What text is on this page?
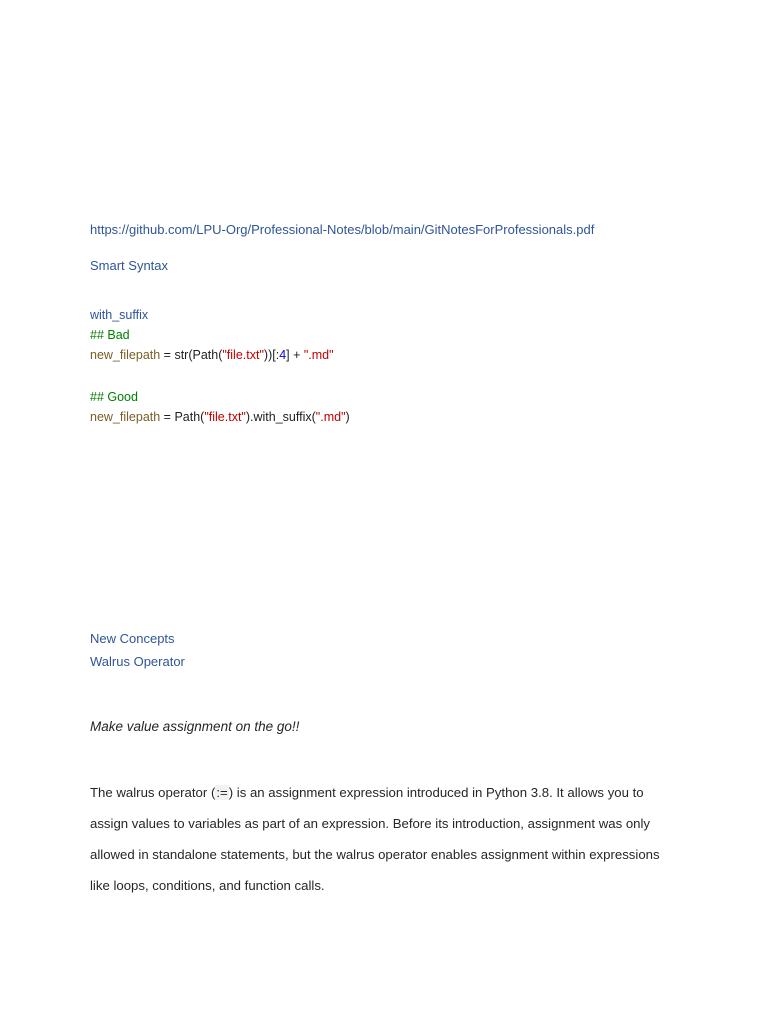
https://github.com/LPU-Org/Professional-Notes/blob/main/GitNotesForProfessionals.pdf
Smart Syntax
with_suffix
## Bad
new_filepath = str(Path("file.txt"))[:4] + ".md"
## Good
new_filepath = Path("file.txt").with_suffix(".md")
New Concepts
Walrus Operator
Make value assignment on the go!!
The walrus operator (:=) is an assignment expression introduced in Python 3.8. It allows you to assign values to variables as part of an expression. Before its introduction, assignment was only allowed in standalone statements, but the walrus operator enables assignment within expressions like loops, conditions, and function calls.
